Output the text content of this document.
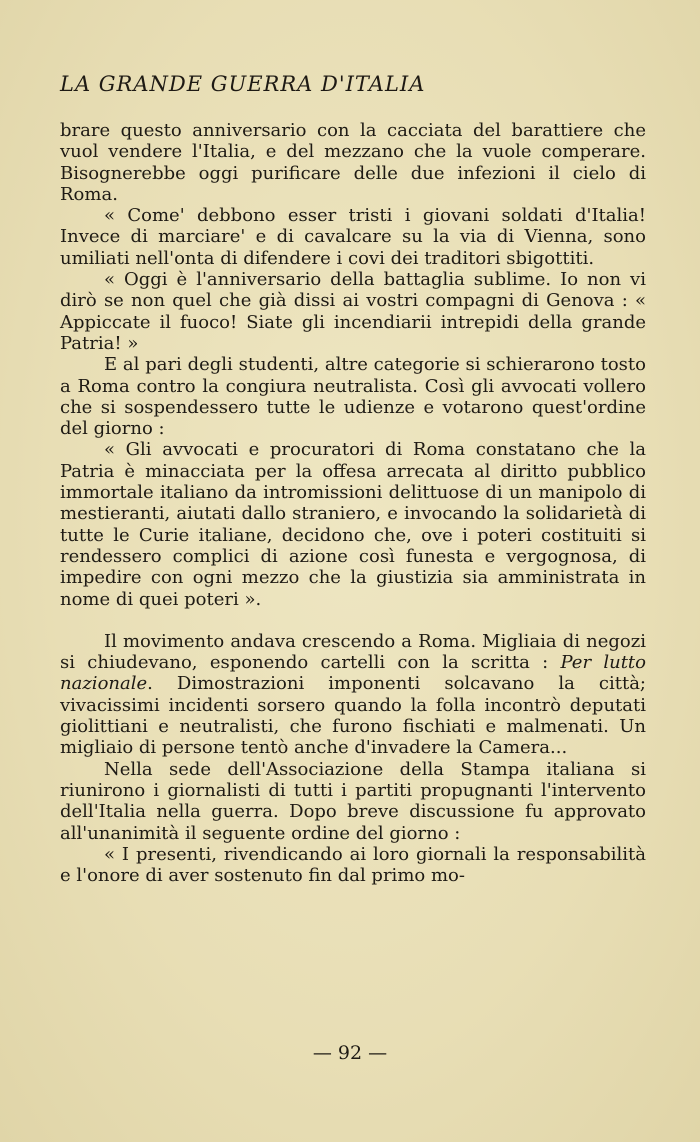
LA GRANDE GUERRA D'ITALIA

brare questo anniversario con la cacciata del barattiere che vuol vendere l'Italia, e del mezzano che la vuole comperare. Bisognerebbe oggi purificare delle due infezioni il cielo di Roma.

« Come' debbono esser tristi i giovani soldati d'Italia! Invece di marciare' e di cavalcare su la via di Vienna, sono umiliati nell'onta di difendere i covi dei traditori sbigottiti.

« Oggi è l'anniversario della battaglia sublime. Io non vi dirò se non quel che già dissi ai vostri compagni di Genova : « Appiccate il fuoco! Siate gli incendiarii intrepidi della grande Patria! »

E al pari degli studenti, altre categorie si schierarono tosto a Roma contro la congiura neutralista. Così gli avvocati vollero che si sospendessero tutte le udienze e votarono quest'ordine del giorno :

« Gli avvocati e procuratori di Roma constatano che la Patria è minacciata per la offesa arrecata al diritto pubblico immortale italiano da intromissioni delittuose di un manipolo di mestieranti, aiutati dallo straniero, e invocando la solidarietà di tutte le Curie italiane, decidono che, ove i poteri costituiti si rendessero complici di azione così funesta e vergognosa, di impedire con ogni mezzo che la giustizia sia amministrata in nome di quei poteri ».

Il movimento andava crescendo a Roma. Migliaia di negozi si chiudevano, esponendo cartelli con la scritta : Per lutto nazionale. Dimostrazioni imponenti solcavano la città; vivacissimi incidenti sorsero quando la folla incontrò deputati giolittiani e neutralisti, che furono fischiati e malmenati. Un migliaio di persone tentò anche d'invadere la Camera...

Nella sede dell'Associazione della Stampa italiana si riunirono i giornalisti di tutti i partiti propugnanti l'intervento dell'Italia nella guerra. Dopo breve discussione fu approvato all'unanimità il seguente ordine del giorno :

« I presenti, rivendicando ai loro giornali la responsabilità e l'onore di aver sostenuto fin dal primo mo-

— 92 —
